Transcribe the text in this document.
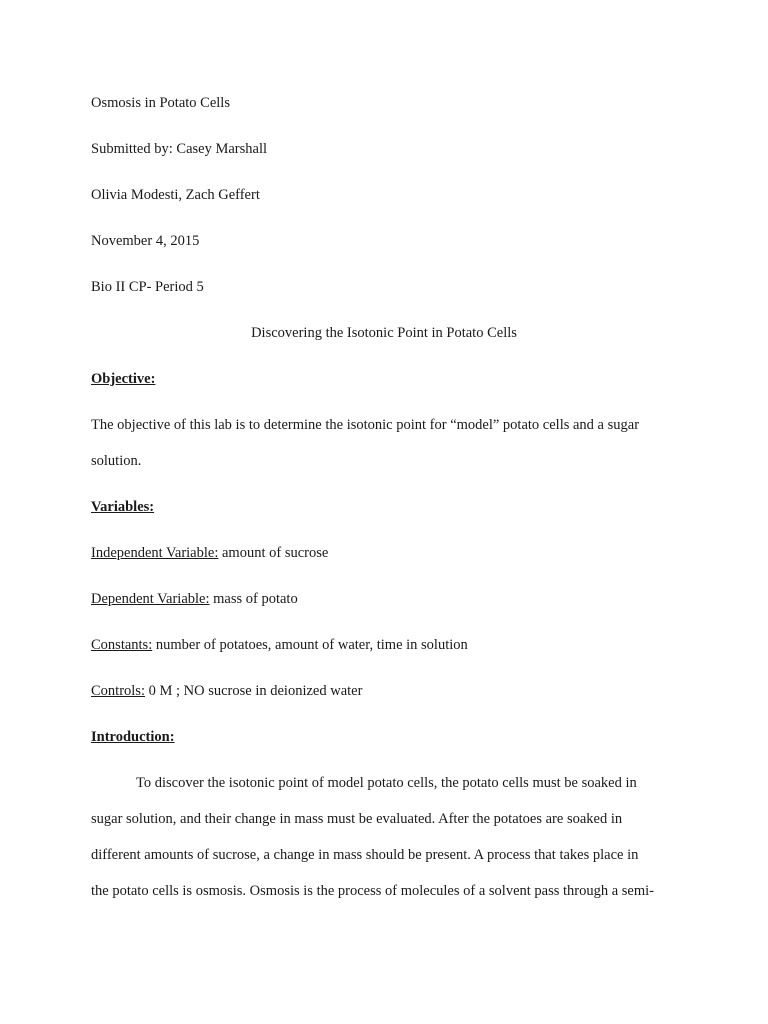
Osmosis in Potato Cells
Submitted by: Casey Marshall
Olivia Modesti, Zach Geffert
November 4, 2015
Bio II CP- Period 5
Discovering the Isotonic Point in Potato Cells
Objective:
The objective of this lab is to determine the isotonic point for “model” potato cells and a sugar
solution.
Variables:
Independent Variable: amount of sucrose
Dependent Variable: mass of potato
Constants: number of potatoes, amount of water, time in solution
Controls: 0 M ; NO sucrose in deionized water
Introduction:
To discover the isotonic point of model potato cells, the potato cells must be soaked in
sugar solution, and their change in mass must be evaluated. After the potatoes are soaked in
different amounts of sucrose, a change in mass should be present. A process that takes place in
the potato cells is osmosis. Osmosis is the process of molecules of a solvent pass through a semi-
